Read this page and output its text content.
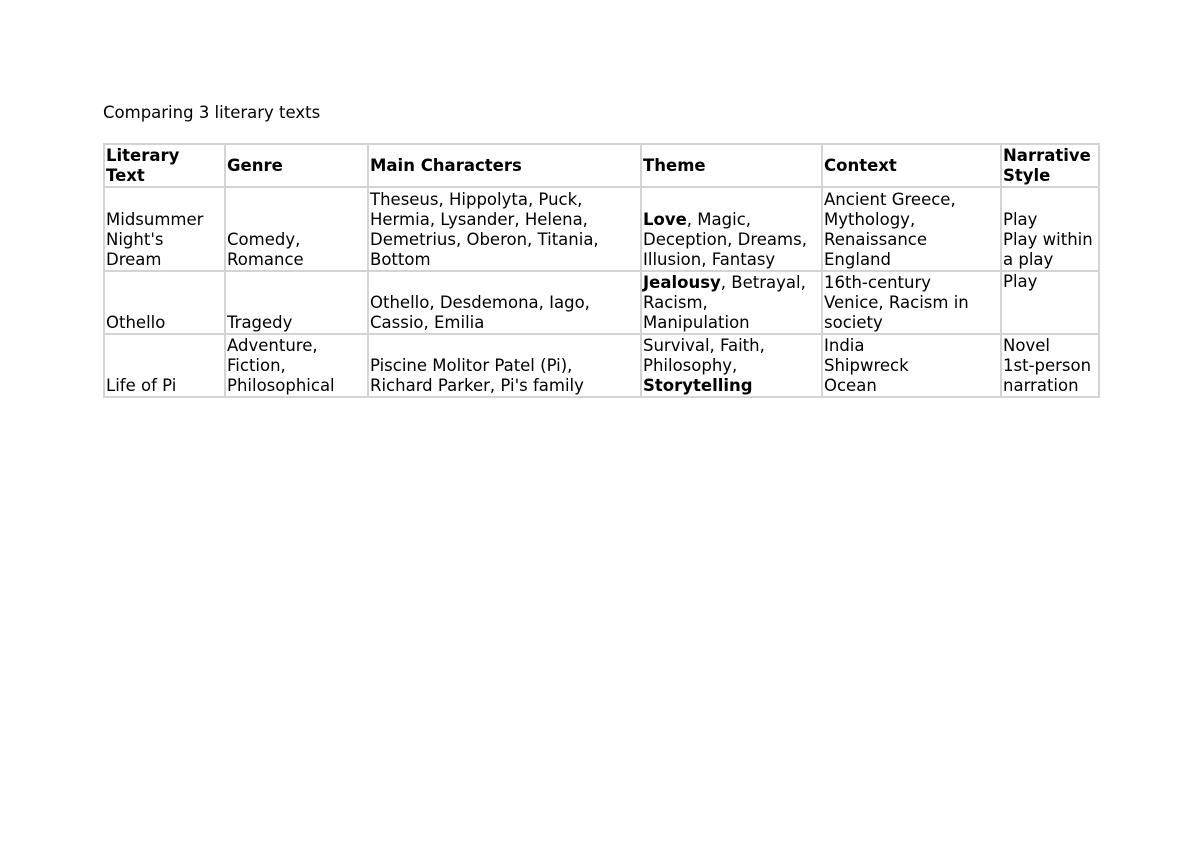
Comparing 3 literary texts
Literary
Text	Genre	Main Characters	Theme	Context	Narrative
Style

Midsummer
Night's
Dream	Comedy,
Romance	Theseus, Hippolyta, Puck,
Hermia, Lysander, Helena,
Demetrius, Oberon, Titania,
Bottom	Love, Magic,
Deception, Dreams,
Illusion, Fantasy	Ancient Greece,
Mythology,
Renaissance
England	Play
Play within
a play

Othello	Tragedy	Othello, Desdemona, Iago,
Cassio, Emilia	Jealousy, Betrayal,
Racism,
Manipulation	16th-century
Venice, Racism in
society	Play

Life of Pi	Adventure,
Fiction,
Philosophical	Piscine Molitor Patel (Pi),
Richard Parker, Pi's family	Survival, Faith,
Philosophy,
Storytelling	India
Shipwreck
Ocean	Novel
1st-person
narration
